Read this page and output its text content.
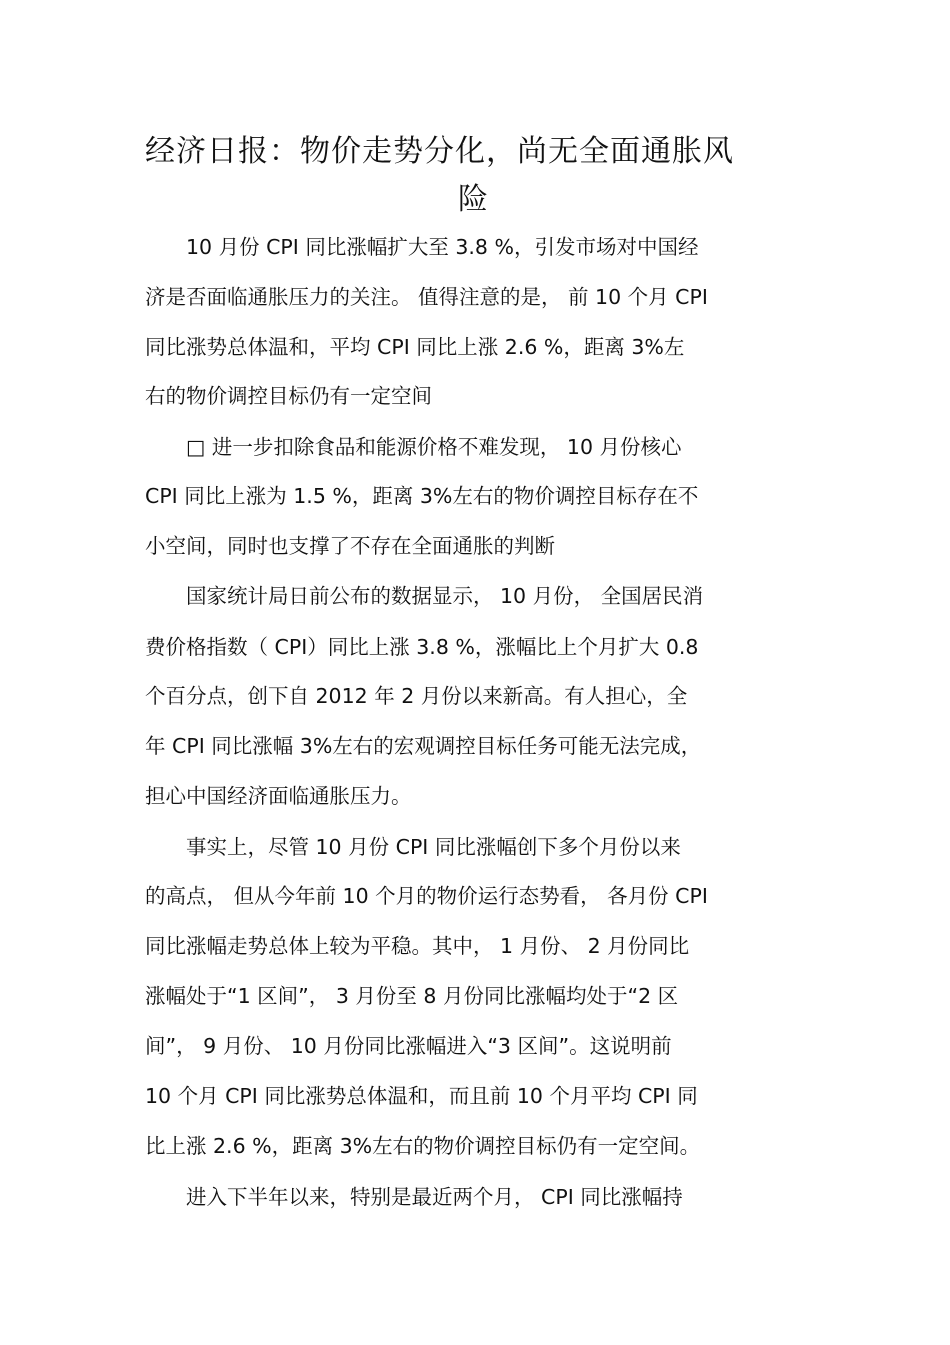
经济日报：物价走势分化，尚无全面通胀风
险
　　10 月份 CPI 同比涨幅扩大至 3.8 %，引发市场对中国经
济是否面临通胀压力的关注。 值得注意的是， 前 10 个月 CPI
同比涨势总体温和，平均 CPI 同比上涨 2.6 %，距离 3%左
右的物价调控目标仍有一定空间
　　□ 进一步扣除食品和能源价格不难发现， 10 月份核心
CPI 同比上涨为 1.5 %，距离 3%左右的物价调控目标存在不
小空间，同时也支撑了不存在全面通胀的判断
　　国家统计局日前公布的数据显示， 10 月份， 全国居民消
费价格指数（ CPI）同比上涨 3.8 %，涨幅比上个月扩大 0.8
个百分点，创下自 2012 年 2 月份以来新高。有人担心，全
年 CPI 同比涨幅 3%左右的宏观调控目标任务可能无法完成，
担心中国经济面临通胀压力。
　　事实上，尽管 10 月份 CPI 同比涨幅创下多个月份以来
的高点， 但从今年前 10 个月的物价运行态势看， 各月份 CPI
同比涨幅走势总体上较为平稳。其中， 1 月份、 2 月份同比
涨幅处于“1 区间”， 3 月份至 8 月份同比涨幅均处于“2 区
间”， 9 月份、 10 月份同比涨幅进入“3 区间”。这说明前
10 个月 CPI 同比涨势总体温和，而且前 10 个月平均 CPI 同
比上涨 2.6 %，距离 3%左右的物价调控目标仍有一定空间。
　　进入下半年以来，特别是最近两个月， CPI 同比涨幅持
